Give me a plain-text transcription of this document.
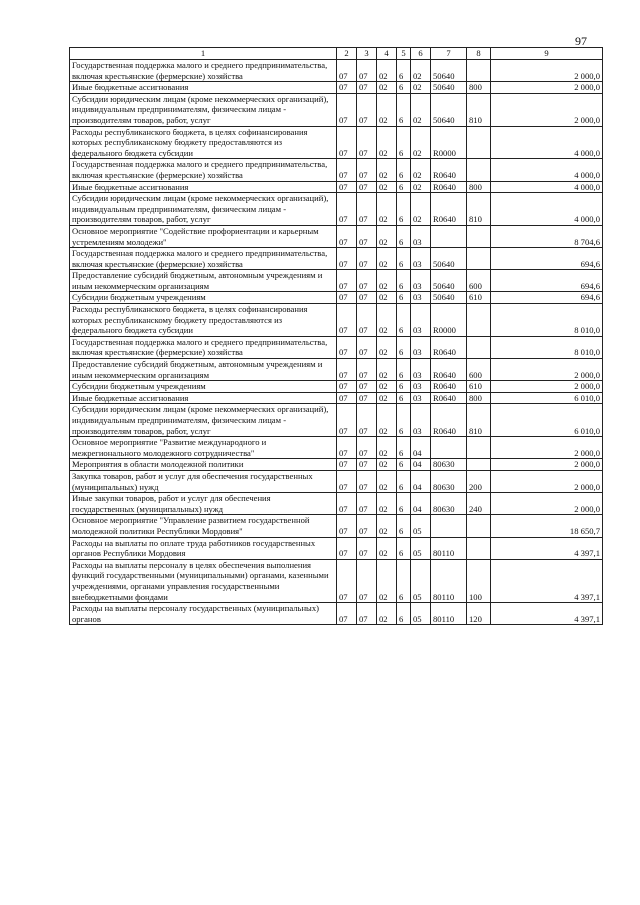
97
1	2	3	4	5	6	7	8	9
Государственная поддержка малого и среднего предпринимательства, включая крестьянские (фермерские) хозяйства	07	07	02	6	02	50640		2 000,0
Иные бюджетные ассигнования	07	07	02	6	02	50640	800	2 000,0
Субсидии юридическим лицам (кроме некоммерческих организаций), индивидуальным предпринимателям, физическим лицам - производителям товаров, работ, услуг	07	07	02	6	02	50640	810	2 000,0
Расходы республиканского бюджета, в целях софинансирования которых республиканскому бюджету предоставляются из федерального бюджета субсидии	07	07	02	6	02	R0000		4 000,0
Государственная поддержка малого и среднего предпринимательства, включая крестьянские (фермерские) хозяйства	07	07	02	6	02	R0640		4 000,0
Иные бюджетные ассигнования	07	07	02	6	02	R0640	800	4 000,0
Субсидии юридическим лицам (кроме некоммерческих организаций), индивидуальным предпринимателям, физическим лицам - производителям товаров, работ, услуг	07	07	02	6	02	R0640	810	4 000,0
Основное мероприятие "Содействие профориентации и карьерным устремлениям молодежи"	07	07	02	6	03			8 704,6
Государственная поддержка малого и среднего предпринимательства, включая крестьянские (фермерские) хозяйства	07	07	02	6	03	50640		694,6
Предоставление субсидий бюджетным, автономным учреждениям и иным некоммерческим организациям	07	07	02	6	03	50640	600	694,6
Субсидии бюджетным учреждениям	07	07	02	6	03	50640	610	694,6
Расходы республиканского бюджета, в целях софинансирования которых республиканскому бюджету предоставляются из федерального бюджета субсидии	07	07	02	6	03	R0000		8 010,0
Государственная поддержка малого и среднего предпринимательства, включая крестьянские (фермерские) хозяйства	07	07	02	6	03	R0640		8 010,0
Предоставление субсидий бюджетным, автономным учреждениям и иным некоммерческим организациям	07	07	02	6	03	R0640	600	2 000,0
Субсидии бюджетным учреждениям	07	07	02	6	03	R0640	610	2 000,0
Иные бюджетные ассигнования	07	07	02	6	03	R0640	800	6 010,0
Субсидии юридическим лицам (кроме некоммерческих организаций), индивидуальным предпринимателям, физическим лицам - производителям товаров, работ, услуг	07	07	02	6	03	R0640	810	6 010,0
Основное мероприятие "Развитие международного и межрегионального молодежного сотрудничества"	07	07	02	6	04			2 000,0
Мероприятия в области молодежной политики	07	07	02	6	04	80630		2 000,0
Закупка товаров, работ и услуг для обеспечения государственных (муниципальных) нужд	07	07	02	6	04	80630	200	2 000,0
Иные закупки товаров, работ и услуг для обеспечения государственных (муниципальных) нужд	07	07	02	6	04	80630	240	2 000,0
Основное мероприятие "Управление развитием государственной молодежной политики Республики Мордовия"	07	07	02	6	05			18 650,7
Расходы на выплаты по оплате труда работников государственных органов Республики Мордовия	07	07	02	6	05	80110		4 397,1
Расходы на выплаты персоналу в целях обеспечения выполнения функций государственными (муниципальными) органами, казенными учреждениями, органами управления государственными внебюджетными фондами	07	07	02	6	05	80110	100	4 397,1
Расходы на выплаты персоналу государственных (муниципальных) органов	07	07	02	6	05	80110	120	4 397,1
